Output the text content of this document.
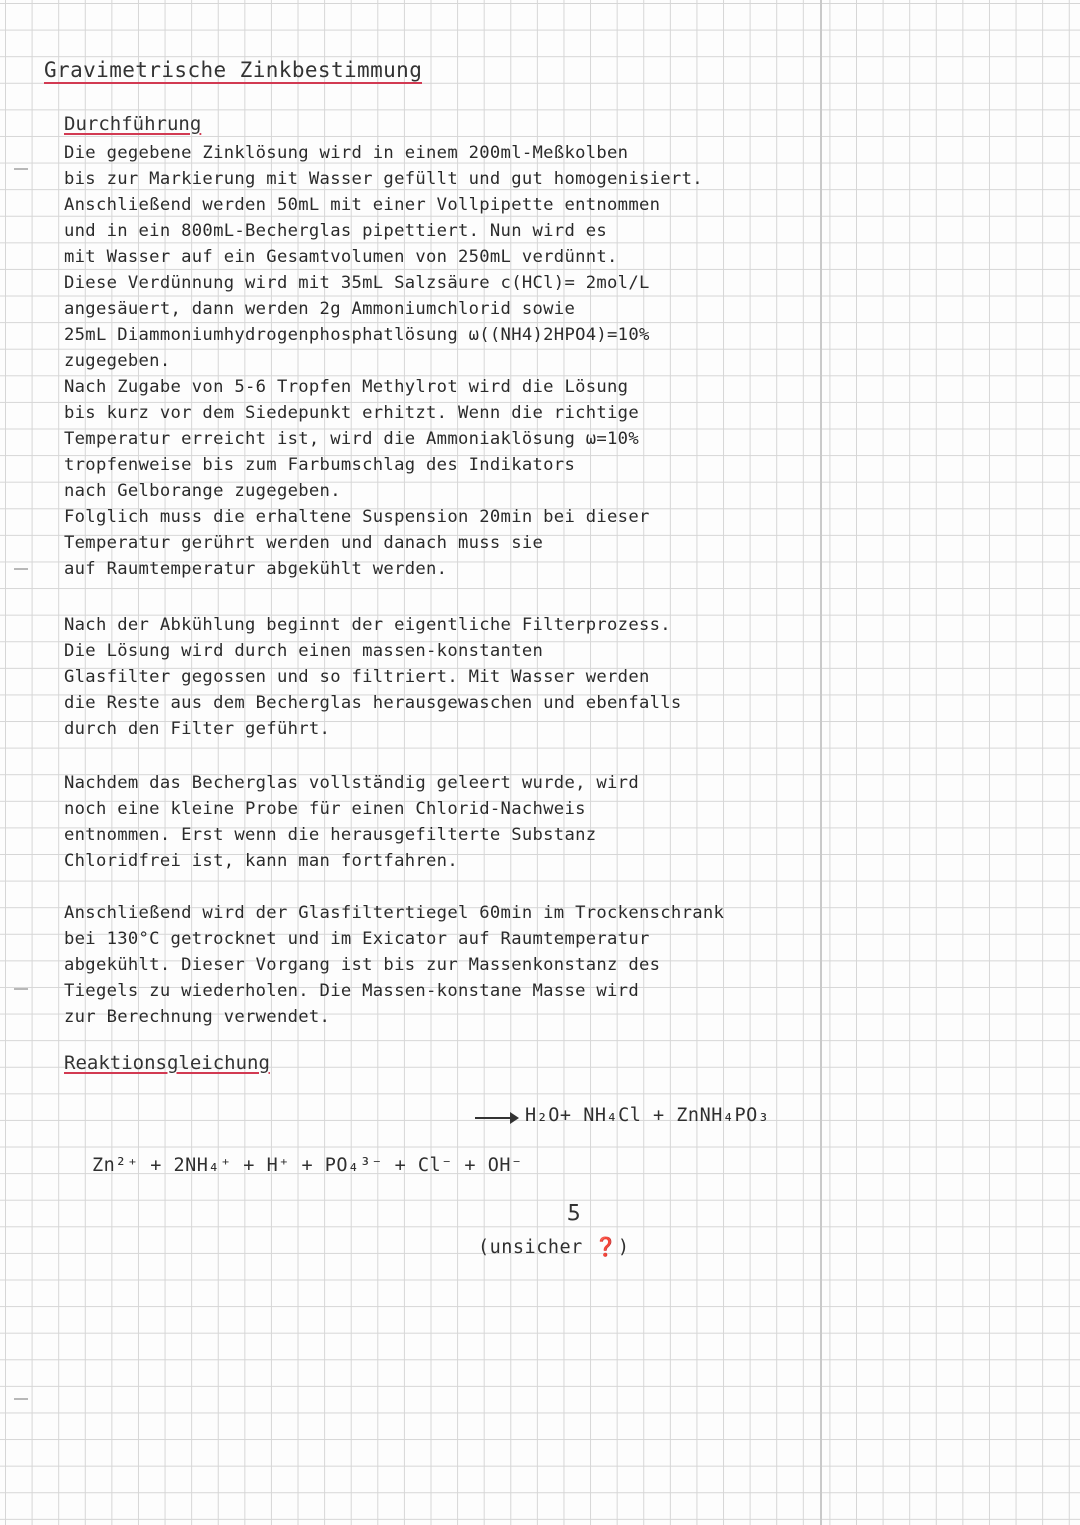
Gravimetrische Zinkbestimmung
Durchführung
Die gegebene Zinklösung wird in einem 200ml-Meßkolben
bis zur Markierung mit Wasser gefüllt und gut homogenisiert.
Anschließend werden 50mL mit einer Vollpipette entnommen
und in ein 800mL-Becherglas pipettiert. Nun wird es
mit Wasser auf ein Gesamtvolumen von 250mL verdünnt.
Diese Verdünnung wird mit 35mL Salzsäure c(HCl)= 2mol/L
angesäuert, dann werden 2g Ammoniumchlorid sowie
25mL Diammoniumhydrogenphosphatlösung ω((NH4)2HPO4)=10%
zugegeben.
Nach Zugabe von 5-6 Tropfen Methylrot wird die Lösung
bis kurz vor dem Siedepunkt erhitzt. Wenn die richtige
Temperatur erreicht ist, wird die Ammoniaklösung ω=10%
tropfenweise bis zum Farbumschlag des Indikators
nach Gelborange zugegeben.
Folglich muss die erhaltene Suspension 20min bei dieser
Temperatur gerührt werden und danach muss sie
auf Raumtemperatur abgekühlt werden.
Nach der Abkühlung beginnt der eigentliche Filterprozess.
Die Lösung wird durch einen massen-konstanten
Glasfilter gegossen und so filtriert. Mit Wasser werden
die Reste aus dem Becherglas herausgewaschen und ebenfalls
durch den Filter geführt.
Nachdem das Becherglas vollständig geleert wurde, wird
noch eine kleine Probe für einen Chlorid-Nachweis
entnommen. Erst wenn die herausgefilterte Substanz
Chloridfrei ist, kann man fortfahren.
Anschließend wird der Glasfiltertiegel 60min im Trockenschrank
bei 130°C getrocknet und im Exicator auf Raumtemperatur
abgekühlt. Dieser Vorgang ist bis zur Massenkonstanz des
Tiegels zu wiederholen. Die Massen-konstane Masse wird
zur Berechnung verwendet.
Reaktionsgleichung
→ H₂O+ NH₄Cl + ZnNH₄PO₃
Zn²⁺ + 2NH₄⁺ + H⁺ + PO₄³⁻ + Cl⁻ + OH⁻
ƽ
(unsicher ❓)
